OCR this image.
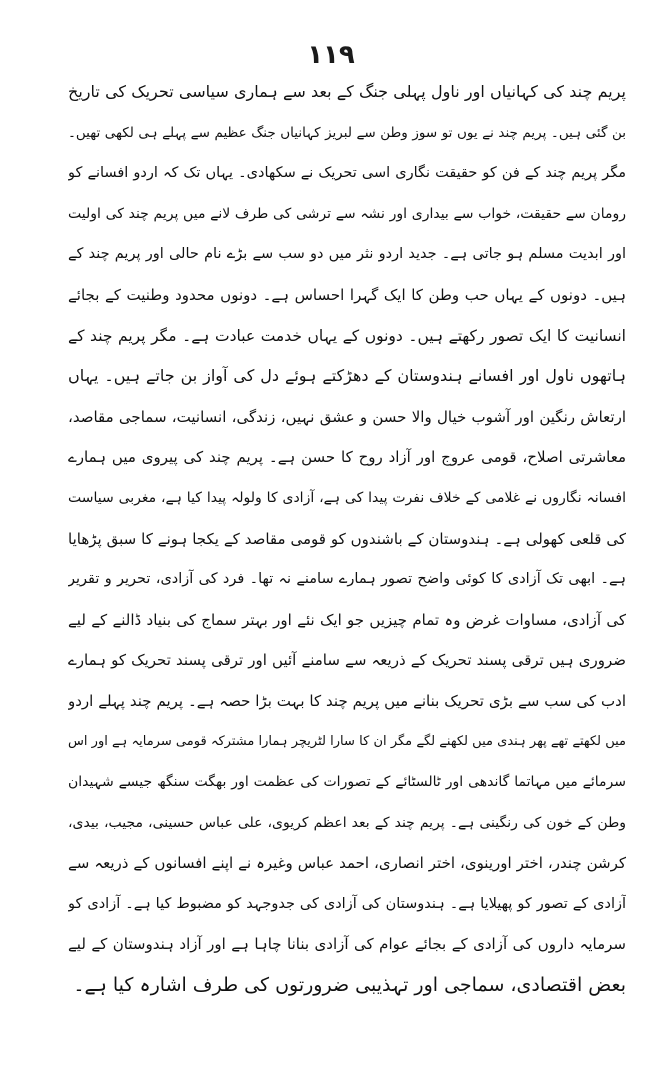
۱۱۹
پریم چند کی کہانیاں اور ناول پہلی جنگ کے بعد سے ہماری سیاسی تحریک کی تاریخ
بن گئی ہیں۔ پریم چند نے یوں تو سوز وطن سے لبریز کہانیاں جنگ عظیم سے پہلے ہی لکھی تھیں۔
مگر پریم چند کے فن کو حقیقت نگاری اسی تحریک نے سکھادی۔ یہاں تک کہ اردو افسانے کو
رومان سے حقیقت، خواب سے بیداری اور نشہ سے ترشی کی طرف لانے میں پریم چند کی اولیت
اور ابدیت مسلم ہو جاتی ہے۔ جدید اردو نثر میں دو سب سے بڑے نام حالی اور پریم چند کے
ہیں۔ دونوں کے یہاں حب وطن کا ایک گہرا احساس ہے۔ دونوں محدود وطنیت کے بجائے
انسانیت کا ایک تصور رکھتے ہیں۔ دونوں کے یہاں خدمت عبادت ہے۔ مگر پریم چند کے
ہاتھوں ناول اور افسانے ہندوستان کے دھڑکتے ہوئے دل کی آواز بن جاتے ہیں۔ یہاں
ارتعاش رنگین اور آشوب خیال والا حسن و عشق نہیں، زندگی، انسانیت، سماجی مقاصد،
معاشرتی اصلاح، قومی عروج اور آزاد روح کا حسن ہے۔ پریم چند کی پیروی میں ہمارے
افسانہ نگاروں نے غلامی کے خلاف نفرت پیدا کی ہے، آزادی کا ولولہ پیدا کیا ہے، مغربی سیاست
کی قلعی کھولی ہے۔ ہندوستان کے باشندوں کو قومی مقاصد کے یکجا ہونے کا سبق پڑھایا
ہے۔ ابھی تک آزادی کا کوئی واضح تصور ہمارے سامنے نہ تھا۔ فرد کی آزادی، تحریر و تقریر
کی آزادی، مساوات غرض وہ تمام چیزیں جو ایک نئے اور بہتر سماج کی بنیاد ڈالنے کے لیے
ضروری ہیں ترقی پسند تحریک کے ذریعہ سے سامنے آئیں اور ترقی پسند تحریک کو ہمارے
ادب کی سب سے بڑی تحریک بنانے میں پریم چند کا بہت بڑا حصہ ہے۔ پریم چند پہلے اردو
میں لکھتے تھے پھر ہندی میں لکھنے لگے مگر ان کا سارا لٹریچر ہمارا مشترکہ قومی سرمایہ ہے اور اس
سرمائے میں مہاتما گاندھی اور ٹالسٹائے کے تصورات کی عظمت اور بھگت سنگھ جیسے شہیدان
وطن کے خون کی رنگینی ہے۔ پریم چند کے بعد اعظم کریوی، علی عباس حسینی، مجیب، بیدی،
کرشن چندر، اختر اورینوی، اختر انصاری، احمد عباس وغیرہ نے اپنے افسانوں کے ذریعہ سے
آزادی کے تصور کو پھیلایا ہے۔ ہندوستان کی آزادی کی جدوجہد کو مضبوط کیا ہے۔ آزادی کو
سرمایہ داروں کی آزادی کے بجائے عوام کی آزادی بنانا چاہا ہے اور آزاد ہندوستان کے لیے
بعض اقتصادی، سماجی اور تہذیبی ضرورتوں کی طرف اشارہ کیا ہے۔
